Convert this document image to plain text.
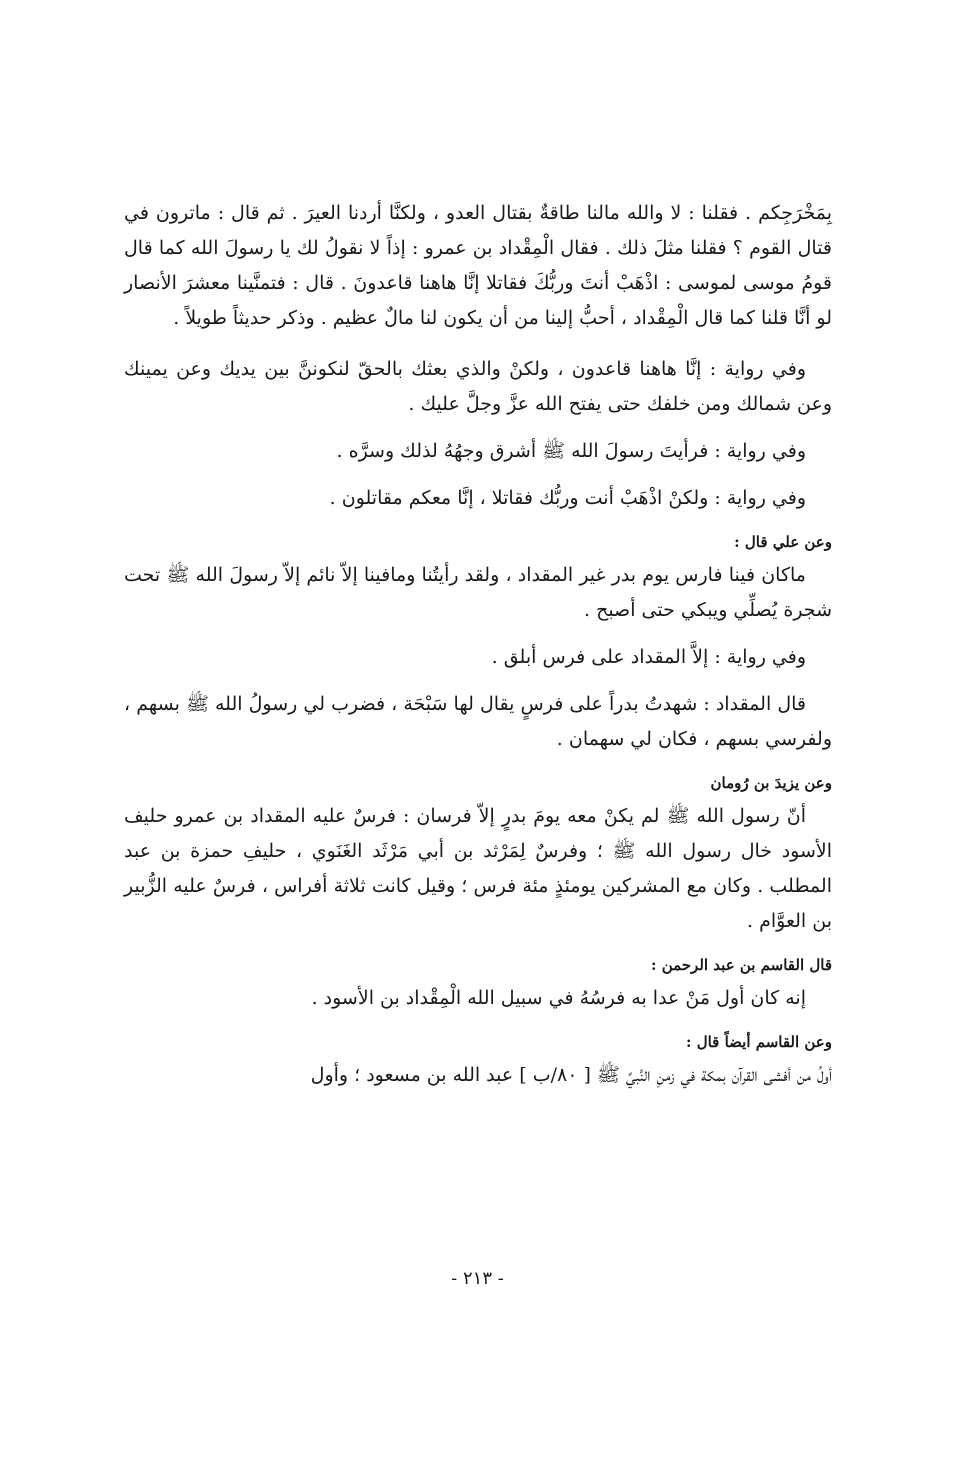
بِمَخْرَجِكم . فقلنا : لا والله مالنا طاقةٌ بقتال العدو ، ولكنَّا أردنا العيرَ . ثم قال : ماترون في قتال القوم ؟ فقلنا مثلَ ذلك . فقال الْمِقْداد بن عمرو : إذاً لا نقولُ لك يا رسولَ الله كما قال قومُ موسى لموسى : اذْهَبْ أنتَ وربُّكَ فقاتلا إنَّا هاهنا قاعدونَ . قال : فتمنَّينا معشرَ الأنصار لو أنَّا قلنا كما قال الْمِقْداد ، أحبُّ إلينا من أن يكون لنا مالٌ عظيم . وذكر حديثاً طويلاً .

وفي رواية : إنَّا هاهنا قاعدون ، ولكنْ والذي بعثك بالحقّ لنكوننَّ بين يديك وعن يمينك وعن شمالك ومن خلفك حتى يفتح الله عزَّ وجلَّ عليك .

وفي رواية : فرأيتَ رسولَ الله ﷺ أشرق وجهُهُ لذلك وسرَّه .

وفي رواية : ولكنْ اذْهَبْ أنت وربُّك فقاتلا ، إنَّا معكم مقاتلون .

وعن علي قال :

ماكان فينا فارس يوم بدر غير المقداد ، ولقد رأيتُنا ومافينا إلاّ نائم إلاّ رسولَ الله ﷺ تحت شجرة يُصلِّي ويبكي حتى أصبح .

وفي رواية : إلاَّ المقداد على فرس أبلق .

قال المقداد : شهدتُ بدراً على فرسٍ يقال لها سَبْحَة ، فضرب لي رسولُ الله ﷺ بسهم ، ولفرسي بسهم ، فكان لي سهمان .

وعن يزيدَ بن رُومان

أنّ رسول الله ﷺ لم يكنْ معه يومَ بدرٍ إلاّ فرسان : فرسٌ عليه المقداد بن عمرو حليف الأسود خال رسول الله ﷺ ؛ وفرسٌ لِمَرْثد بن أبي مَرْثَد الغَنَوي ، حليفِ حمزة بن عبد المطلب . وكان مع المشركين يومئذٍ مئة فرس ؛ وقيل كانت ثلاثة أفراس ، فرسٌ عليه الزُّبير بن العوَّام .

قال القاسم بن عبد الرحمن :

إنه كان أول مَنْ عدا به فرسُهُ في سبيل الله الْمِقْداد بن الأسود .

وعن القاسم أيضاً قال :

أولُ من أفشى القرآن بمكة في زمنِ النَّبيِّ ﷺ [ ٨٠/ب ] عبد الله بن مسعود ؛ وأول

- ٢١٣ -
